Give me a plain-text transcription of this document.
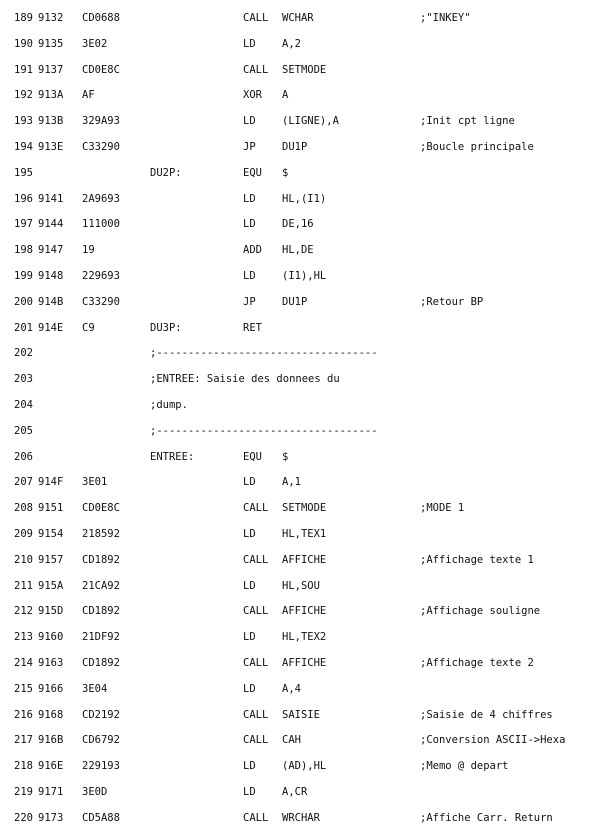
189 9132 CD0688	CALL WCHAR	;"INKEY"
190 9135 3E02	LD	A,2
191 9137 CD0E8C	CALL SETMODE
192 913A AF	XOR A
193 913B 329A93	LD	(LIGNE),A	;Init cpt ligne
194 913E C33290	JP	DU1P	;Boucle principale
195	DU2P:	EQU $
196 9141 2A9693	LD	HL,(I1)
197 9144 111000	LD	DE,16
198 9147 19	ADD HL,DE
199 9148 229693	LD	(I1),HL
200 914B C33290	JP	DU1P	;Retour BP
201 914E C9	DU3P:	RET
202	;-----------------------------------
203	;ENTREE: Saisie des donnees du
204	;dump.
205	;-----------------------------------
206	ENTREE:	EQU $
207 914F 3E01	LD	A,1
208 9151 CD0E8C	CALL SETMODE	;MODE 1
209 9154 218592	LD	HL,TEX1
210 9157 CD1892	CALL AFFICHE	;Affichage texte 1
211 915A 21CA92	LD	HL,SOU
212 915D CD1892	CALL AFFICHE	;Affichage souligne
213 9160 21DF92	LD	HL,TEX2
214 9163 CD1892	CALL AFFICHE	;Affichage texte 2
215 9166 3E04	LD	A,4
216 9168 CD2192	CALL SAISIE	;Saisie de 4 chiffres
217 916B CD6792	CALL CAH	;Conversion ASCII->Hexa
218 916E 229193	LD	(AD),HL	;Memo @ depart
219 9171 3E0D	LD	A,CR
220 9173 CD5A88	CALL WRCHAR	;Affiche Carr. Return
